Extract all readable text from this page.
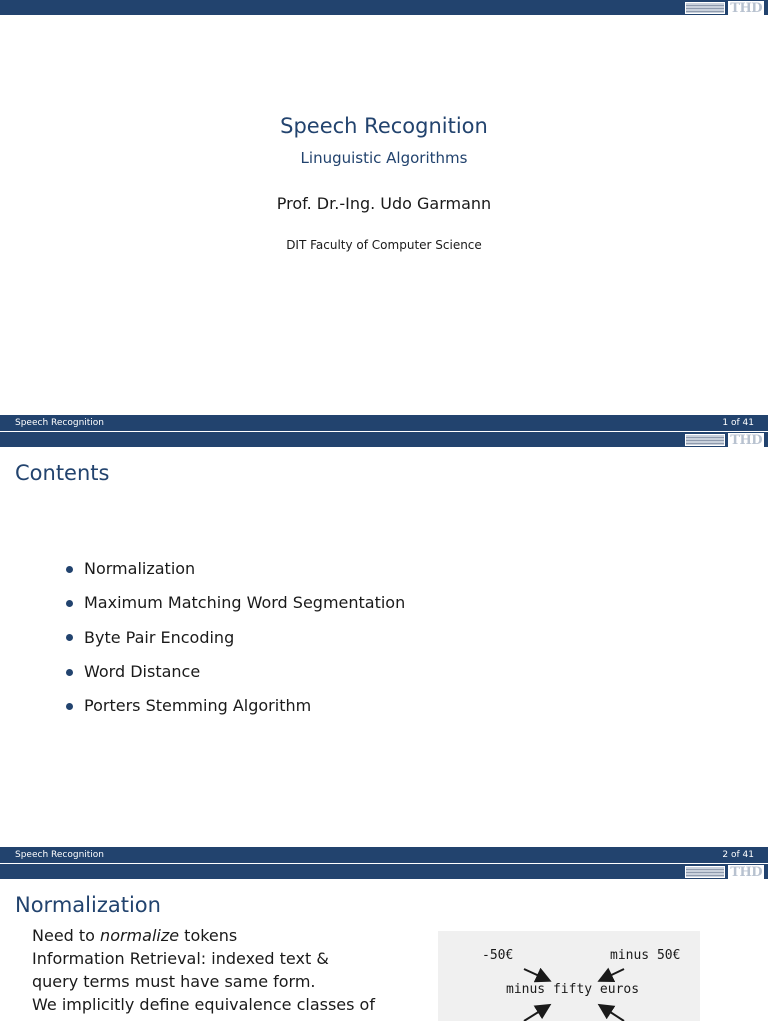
THD
Speech Recognition
Linuguistic Algorithms
Prof. Dr.-Ing. Udo Garmann
DIT Faculty of Computer Science
Speech Recognition	1 of 41
THD
Contents
Normalization
Maximum Matching Word Segmentation
Byte Pair Encoding
Word Distance
Porters Stemming Algorithm
Speech Recognition	2 of 41
THD
Normalization
Need to normalize tokens
Information Retrieval: indexed text &
query terms must have same form.
We implicitly define equivalence classes of
-50€	minus 50€
minus fifty euros
